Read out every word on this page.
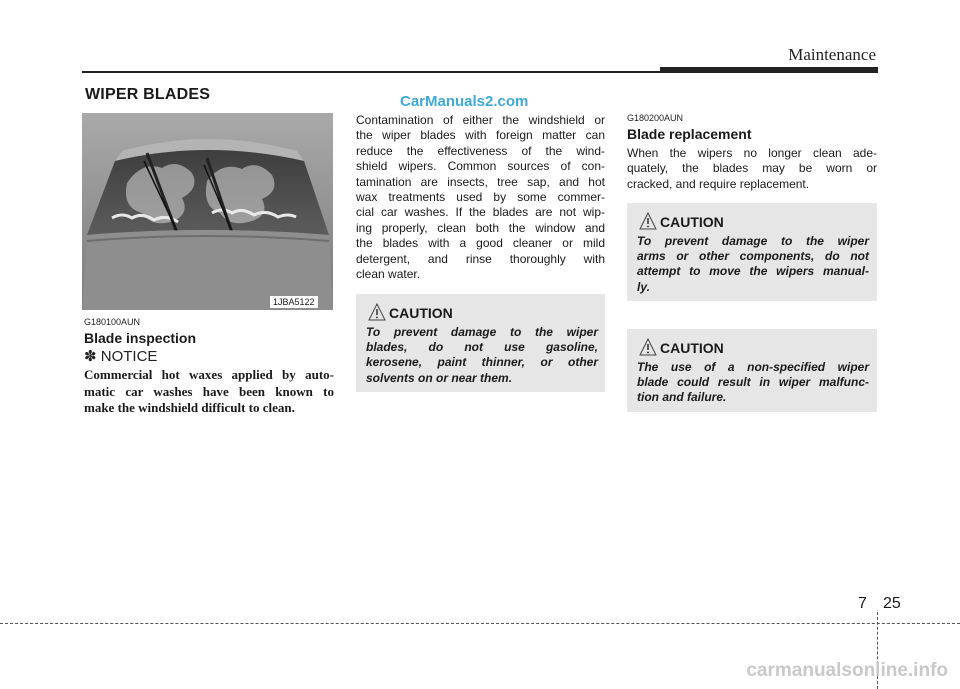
Maintenance
WIPER BLADES	CarManuals2.com
1JBA5122
G180100AUN
Blade inspection
✽ NOTICE
Commercial hot waxes applied by auto-
matic car washes have been known to
make the windshield difficult to clean.
Contamination of either the windshield or
the wiper blades with foreign matter can
reduce the effectiveness of the wind-
shield wipers. Common sources of con-
tamination are insects, tree sap, and hot
wax treatments used by some commer-
cial car washes. If the blades are not wip-
ing properly, clean both the window and
the blades with a good cleaner or mild
detergent, and rinse thoroughly with
clean water.
CAUTION
To prevent damage to the wiper
blades, do not use gasoline,
kerosene, paint thinner, or other
solvents on or near them.
G180200AUN
Blade replacement
When the wipers no longer clean ade-
quately, the blades may be worn or
cracked, and require replacement.
CAUTION
To prevent damage to the wiper
arms or other components, do not
attempt to move the wipers manual-
ly.
CAUTION
The use of a non-specified wiper
blade could result in wiper malfunc-
tion and failure.
7 25
carmanualsonline.info
